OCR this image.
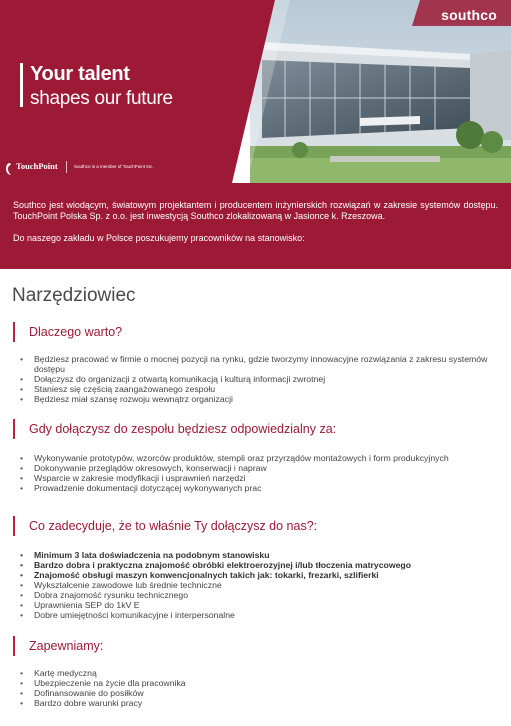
southco
Your talent
shapes our future
TouchPoint	Southco is a member of TouchPoint Inc.

Southco jest wiodącym, światowym projektantem i producentem inżynierskich rozwiązań w zakresie systemów dostępu. TouchPoint Polska Sp. z o.o. jest inwestycją Southco zlokalizowaną w Jasionce k. Rzeszowa.

Do naszego zakładu w Polsce poszukujemy pracowników na stanowisko:

Narzędziowiec
Dlaczego warto?
• Będziesz pracować w firmie o mocnej pozycji na rynku, gdzie tworzymy innowacyjne rozwiązania z zakresu systemów dostępu
• Dołączysz do organizacji z otwartą komunikacją i kulturą informacji zwrotnej
• Staniesz się częścią zaangażowanego zespołu
• Będziesz miał szansę rozwoju wewnątrz organizacji
Gdy dołączysz do zespołu będziesz odpowiedzialny za:
• Wykonywanie prototypów, wzorców produktów, stempli oraz przyrządów montażowych i form produkcyjnych
• Dokonywanie przeglądów okresowych, konserwacji i napraw
• Wsparcie w zakresie modyfikacji i usprawnień narzędzi
• Prowadzenie dokumentacji dotyczącej wykonywanych prac
Co zadecyduje, że to właśnie Ty dołączysz do nas?:
• Minimum 3 lata doświadczenia na podobnym stanowisku
• Bardzo dobra i praktyczna znajomość obróbki elektroerozyjnej i/lub tłoczenia matrycowego
• Znajomość obsługi maszyn konwencjonalnych takich jak: tokarki, frezarki, szlifierki
• Wykształcenie zawodowe lub średnie techniczne
• Dobra znajomość rysunku technicznego
• Uprawnienia SEP do 1kV E
• Dobre umiejętności komunikacyjne i interpersonalne
Zapewniamy:
• Kartę medyczną
• Ubezpieczenie na życie dla pracownika
• Dofinansowanie do posiłków
• Bardzo dobre warunki pracy
